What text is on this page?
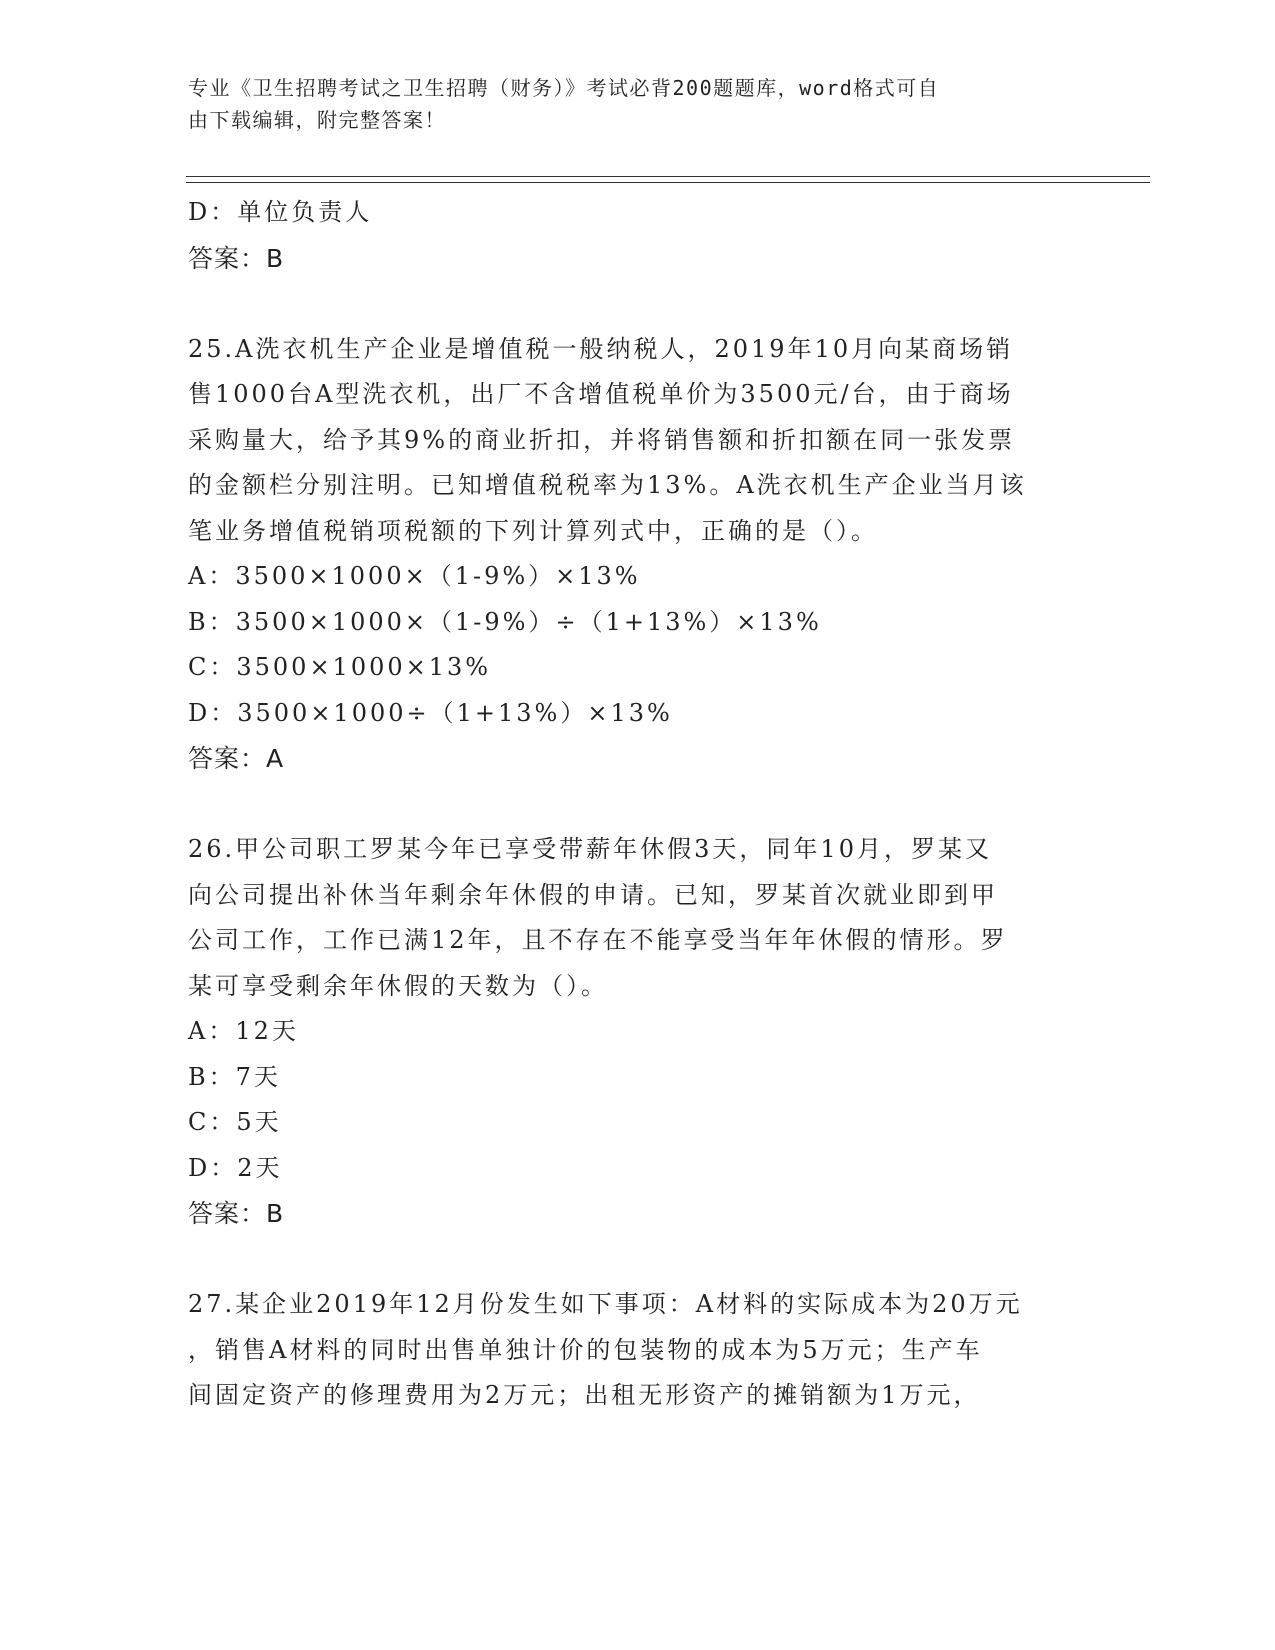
专业《卫生招聘考试之卫生招聘（财务）》考试必背200题题库，word格式可自
由下载编辑，附完整答案！
D：单位负责人
答案：B
25.A洗衣机生产企业是增值税一般纳税人，2019年10月向某商场销
售1000台A型洗衣机，出厂不含增值税单价为3500元/台，由于商场
采购量大，给予其9%的商业折扣，并将销售额和折扣额在同一张发票
的金额栏分别注明。已知增值税税率为13%。A洗衣机生产企业当月该
笔业务增值税销项税额的下列计算列式中，正确的是（）。
A：3500×1000×（1-9%）×13%
B：3500×1000×（1-9%）÷（1+13%）×13%
C：3500×1000×13%
D：3500×1000÷（1+13%）×13%
答案：A
26.甲公司职工罗某今年已享受带薪年休假3天，同年10月，罗某又
向公司提出补休当年剩余年休假的申请。已知，罗某首次就业即到甲
公司工作，工作已满12年，且不存在不能享受当年年休假的情形。罗
某可享受剩余年休假的天数为（）。
A：12天
B：7天
C：5天
D：2天
答案：B
27.某企业2019年12月份发生如下事项：A材料的实际成本为20万元
，销售A材料的同时出售单独计价的包装物的成本为5万元；生产车
间固定资产的修理费用为2万元；出租无形资产的摊销额为1万元，
